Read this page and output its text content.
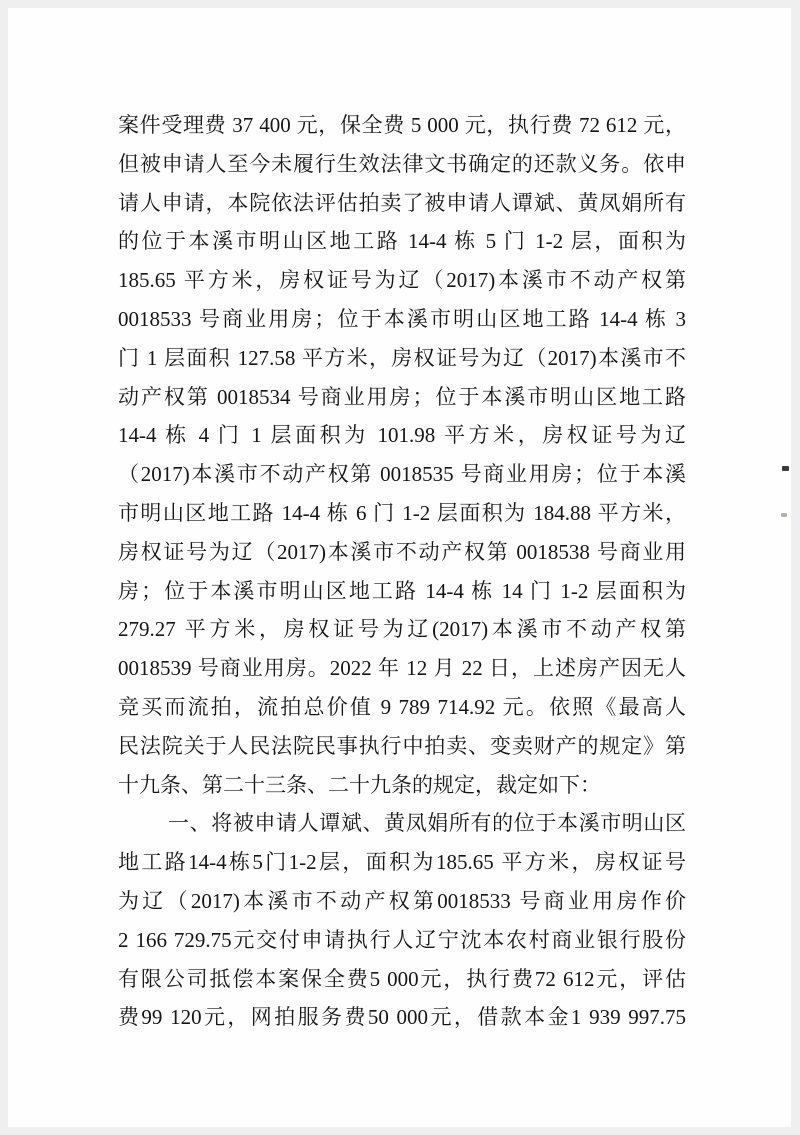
案件受理费 37 400 元，保全费 5 000 元，执行费 72 612 元，
但被申请人至今未履行生效法律文书确定的还款义务。依申
请人申请，本院依法评估拍卖了被申请人谭斌、黄凤娟所有
的位于本溪市明山区地工路 14-4 栋 5 门 1-2 层，面积为
185.65 平方米，房权证号为辽（2017)本溪市不动产权第
0018533 号商业用房；位于本溪市明山区地工路 14-4 栋 3
门 1 层面积 127.58 平方米，房权证号为辽（2017)本溪市不
动产权第 0018534 号商业用房；位于本溪市明山区地工路
14-4 栋 4 门 1 层面积为 101.98 平方米，房权证号为辽
（2017)本溪市不动产权第 0018535 号商业用房；位于本溪
市明山区地工路 14-4 栋 6 门 1-2 层面积为 184.88 平方米，
房权证号为辽（2017)本溪市不动产权第 0018538 号商业用
房；位于本溪市明山区地工路 14-4 栋 14 门 1-2 层面积为
279.27 平方米，房权证号为辽(2017)本溪市不动产权第
0018539 号商业用房。2022 年 12 月 22 日，上述房产因无人
竞买而流拍，流拍总价值 9 789 714.92 元。依照《最高人
民法院关于人民法院民事执行中拍卖、变卖财产的规定》第
十九条、第二十三条、二十九条的规定，裁定如下：
一、将被申请人谭斌、黄凤娟所有的位于本溪市明山区
地工路14-4栋5门1-2层，面积为185.65 平方米，房权证号
为辽（2017)本溪市不动产权第0018533 号商业用房作价
2 166 729.75元交付申请执行人辽宁沈本农村商业银行股份
有限公司抵偿本案保全费5 000元，执行费72 612元，评估
费99 120元，网拍服务费50 000元，借款本金1 939 997.75
